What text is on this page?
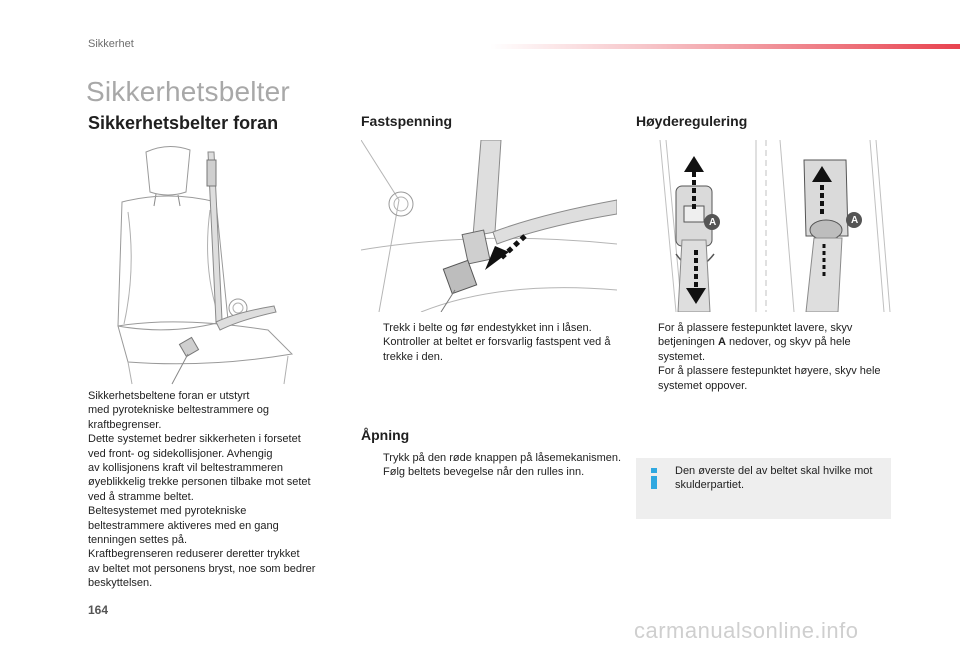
Sikkerhet
Sikkerhetsbelter
Sikkerhetsbelter foran

Sikkerhetsbeltene foran er utstyrt

med pyrotekniske beltestrammere og

kraftbegrenser.

Dette systemet bedrer sikkerheten i forsetet

ved front- og sidekollisjoner. Avhengig

av kollisjonens kraft vil beltestrammeren

øyeblikkelig trekke personen tilbake mot setet

ved å stramme beltet.

Beltesystemet med pyrotekniske

beltestrammere aktiveres med en gang

tenningen settes på.

Kraftbegrenseren reduserer deretter trykket

av beltet mot personens bryst, noe som bedrer

beskyttelsen.

Fastspenning
Trekk i belte og før endestykket inn i låsen.
Kontroller at beltet er forsvarlig fastspent ved å trekke i den.
Åpning
Trykk på den røde knappen på låsemekanismen.
Følg beltets bevegelse når den rulles inn.
Høyderegulering
A	A
For å plassere festepunktet lavere, skyv betjeningen A nedover, og skyv på hele systemet.
For å plassere festepunktet høyere, skyv hele systemet oppover.
Den øverste del av beltet skal hvilke mot skulderpartiet.
164
carmanualsonline.info
